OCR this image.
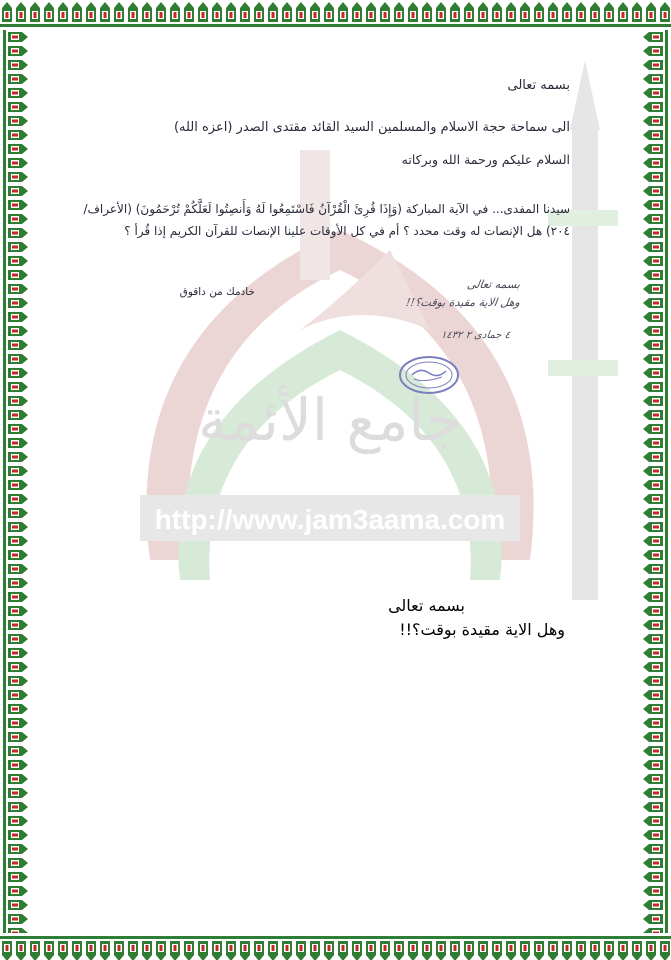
http://www.jam3aama.com
جامع الأئمة
بسمه تعالى
الى سماحة حجة الاسلام والمسلمين السيد القائد مقتدى الصدر (اعزه الله)
السلام عليكم ورحمة الله وبركاته
سيدنا المفدى... في الآية المباركة (وَإِذَا قُرِئَ الْقُرْآنُ فَاسْتَمِعُوا لَهُ وَأَنصِتُوا لَعَلَّكُمْ تُرْحَمُونَ) (الأعراف/٢٠٤) هل الإنصات له وقت محدد ؟ أم في كل الأوقات علينا الإنصات للقرآن الكريم إذا قُرأ ؟
خادمك من داقوق
بسمه تعالى
وهل الاية مقيدة بوقت؟!!
٤ جمادى ٢ ١٤٣٢
بسمه تعالى
وهل الاية مقيدة بوقت؟!!
